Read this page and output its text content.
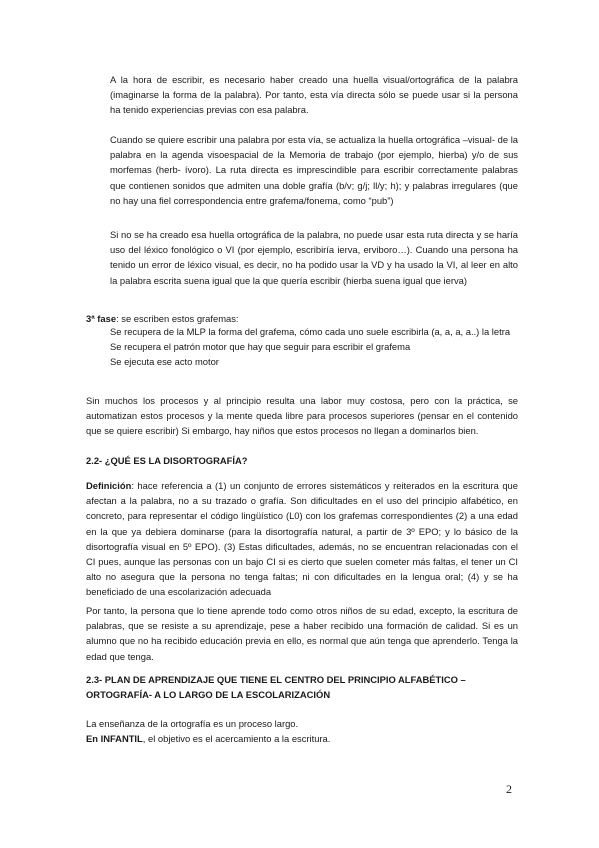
A la hora de escribir, es necesario haber creado una huella visual/ortográfica de la palabra (imaginarse la forma de la palabra). Por tanto, esta vía directa sólo se puede usar si la persona ha tenido experiencias previas con esa palabra.

Cuando se quiere escribir una palabra por esta vía, se actualiza la huella ortográfica –visual- de la palabra en la agenda visoespacial de la Memoria de trabajo (por ejemplo, hierba) y/o de sus morfemas (herb- ívoro). La ruta directa es imprescindible para escribir correctamente palabras que contienen sonidos que admiten una doble grafía (b/v; g/j; ll/y; h); y palabras irregulares (que no hay una fiel correspondencia entre grafema/fonema, como “pub”)

Si no se ha creado esa huella ortográfica de la palabra, no puede usar esta ruta directa y se haría uso del léxico fonológico o VI (por ejemplo, escribiría ierva, erviboro…). Cuando una persona ha tenido un error de léxico visual, es decir, no ha podido usar la VD y ha usado la VI, al leer en alto la palabra escrita suena igual que la que quería escribir (hierba suena igual que ierva)

3ª fase: se escriben estos grafemas:

Se recupera de la MLP la forma del grafema, cómo cada uno suele escribirla (a, a, a, a..) la letra
Se recupera el patrón motor que hay que seguir para escribir el grafema
Se ejecuta ese acto motor

Sin muchos los procesos y al principio resulta una labor muy costosa, pero con la práctica, se automatizan estos procesos y la mente queda libre para procesos superiores (pensar en el contenido que se quiere escribir) Si embargo, hay niños que estos procesos no llegan a dominarlos bien.

2.2- ¿QUÉ ES LA DISORTOGRAFÍA?

Definición: hace referencia a (1) un conjunto de errores sistemáticos y reiterados en la escritura que afectan a la palabra, no a su trazado o grafía. Son dificultades en el uso del principio alfabético, en concreto, para representar el código lingüístico (L0) con los grafemas correspondientes (2) a una edad en la que ya debiera dominarse (para la disortografía natural, a partir de 3º EPO; y lo básico de la disortografía visual en 5º EPO). (3) Estas dificultades, además, no se encuentran relacionadas con el CI pues, aunque las personas con un bajo CI si es cierto que suelen cometer más faltas, el tener un CI alto no asegura que la persona no tenga faltas; ni con dificultades en la lengua oral; (4) y se ha beneficiado de una escolarización adecuada

Por tanto, la persona que lo tiene aprende todo como otros niños de su edad, excepto, la escritura de palabras, que se resiste a su aprendizaje, pese a haber recibido una formación de calidad. Si es un alumno que no ha recibido educación previa en ello, es normal que aún tenga que aprenderlo. Tenga la edad que tenga.

2.3- PLAN DE APRENDIZAJE QUE TIENE EL CENTRO DEL PRINCIPIO ALFABÉTICO – ORTOGRAFÍA- A LO LARGO DE LA ESCOLARIZACIÓN

La enseñanza de la ortografía es un proceso largo.

En INFANTIL, el objetivo es el acercamiento a la escritura.

2
